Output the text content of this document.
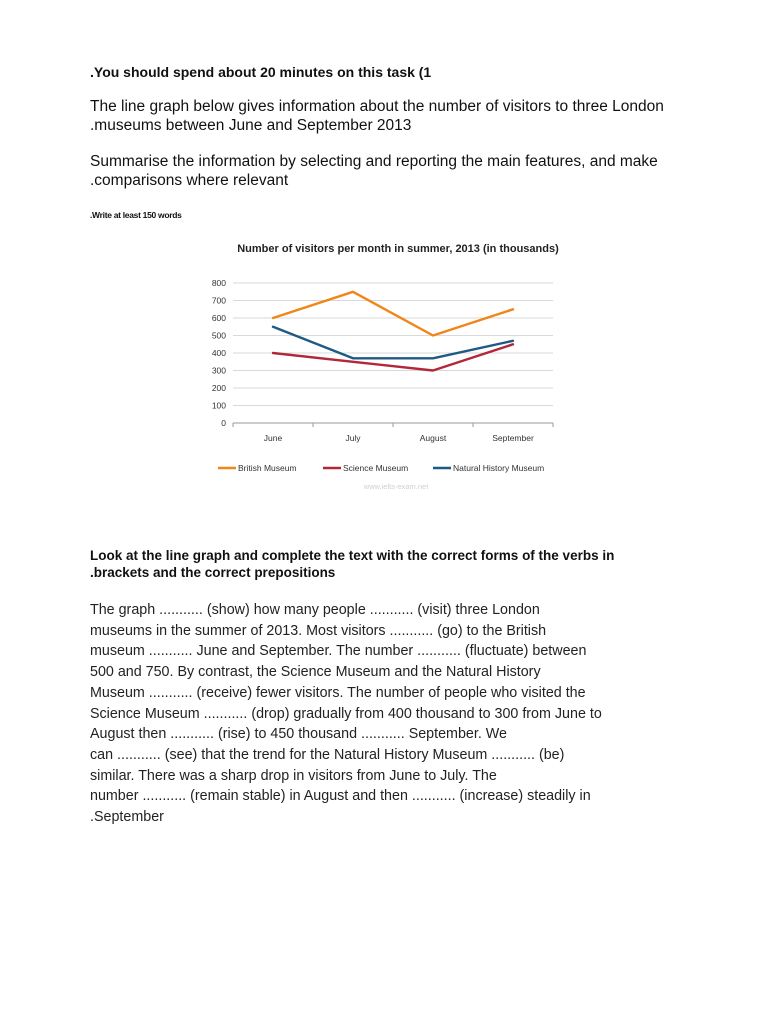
.You should spend about 20 minutes on this task (1
The line graph below gives information about the number of visitors to three London
.museums between June and September 2013
Summarise the information by selecting and reporting the main features, and make
.comparisons where relevant
.Write at least 150 words
Number of visitors per month in summer, 2013 (in thousands)
0
100
200
300
400
500
600
700
800
June	July	August	September
British Museum	Science Museum	Natural History Museum
www.ielts-exam.net
Look at the line graph and complete the text with the correct forms of the verbs in
.brackets and the correct prepositions
The graph ........... (show) how many people ........... (visit) three London
museums in the summer of 2013. Most visitors ........... (go) to the British
museum ........... June and September. The number ........... (fluctuate) between
500 and 750. By contrast, the Science Museum and the Natural History
Museum ........... (receive) fewer visitors. The number of people who visited the
Science Museum ........... (drop) gradually from 400 thousand to 300 from June to
August then ........... (rise) to 450 thousand ........... September. We
can ........... (see) that the trend for the Natural History Museum ........... (be)
similar. There was a sharp drop in visitors from June to July. The
number ........... (remain stable) in August and then ........... (increase) steadily in
.September
